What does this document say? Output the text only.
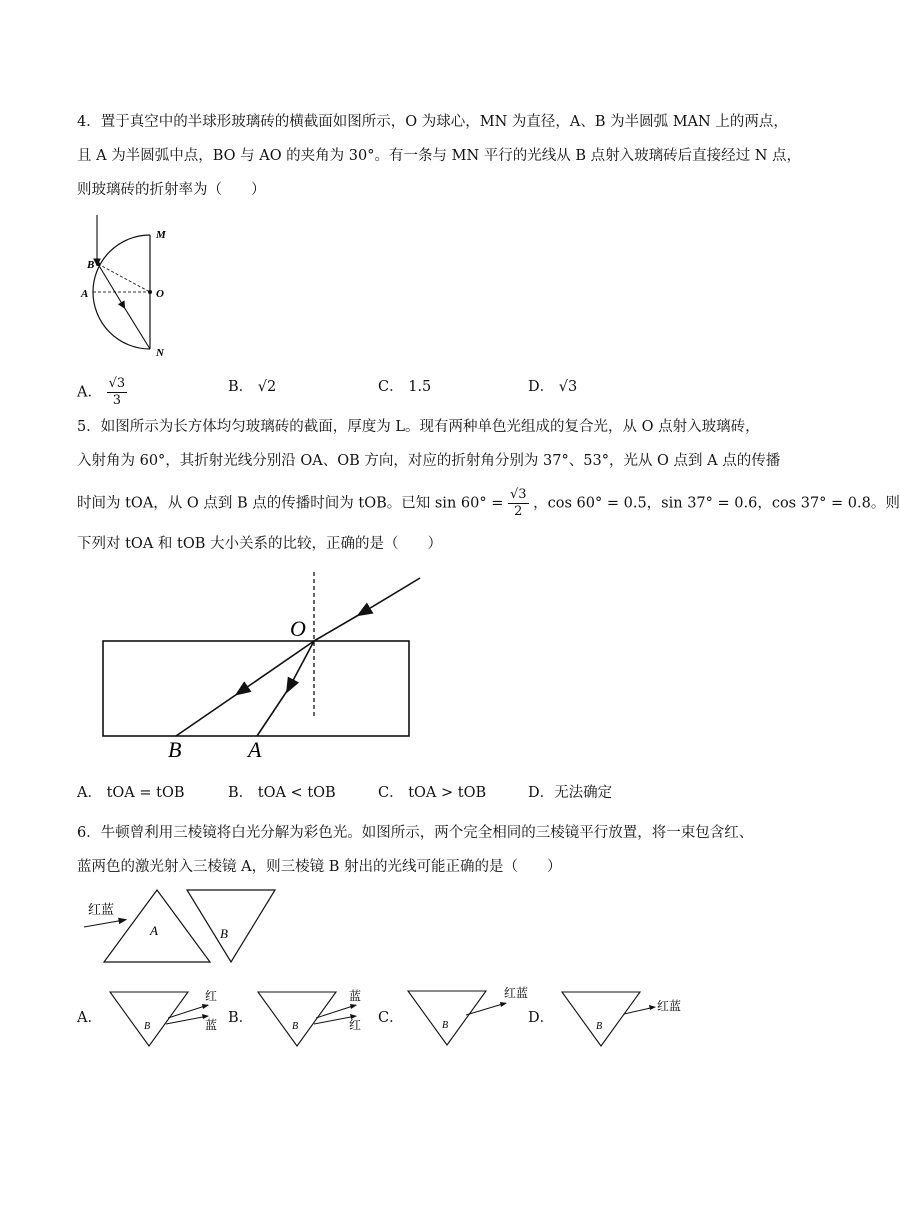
4．置于真空中的半球形玻璃砖的横截面如图所示，O 为球心，MN 为直径，A、B 为半圆弧 MAN 上的两点，
且 A 为半圆弧中点，BO 与 AO 的夹角为 30°。有一条与 MN 平行的光线从 B 点射入玻璃砖后直接经过 N 点，
则玻璃砖的折射率为（　　）
M
N
O
A
B
A． $\frac{√3}{3}$	B． √2	C． 1.5	D． √3
5．如图所示为长方体均匀玻璃砖的截面，厚度为 L。现有两种单色光组成的复合光，从 O 点射入玻璃砖，
入射角为 60°，其折射光线分别沿 OA、OB 方向，对应的折射角分别为 37°、53°，光从 O 点到 A 点的传播
时间为 tOA，从 O 点到 B 点的传播时间为 tOB。已知 $\sin 60^\circ = \frac{√3}{2}$ ，cos 60° = 0.5，sin 37° = 0.6，cos 37° = 0.8。则
下列对 tOA 和 tOB 大小关系的比较，正确的是（　　）
O
B	A
A． tOA = tOB	B． tOA < tOB	C． tOA > tOB	D．无法确定
6．牛顿曾利用三棱镜将白光分解为彩色光。如图所示，两个完全相同的三棱镜平行放置，将一束包含红、
蓝两色的激光射入三棱镜 A，则三棱镜 B 射出的光线可能正确的是（　　）
红蓝
A	B
A．
B
红
蓝 B．
B
蓝
红 C．	B
红蓝
D．
B
红蓝
